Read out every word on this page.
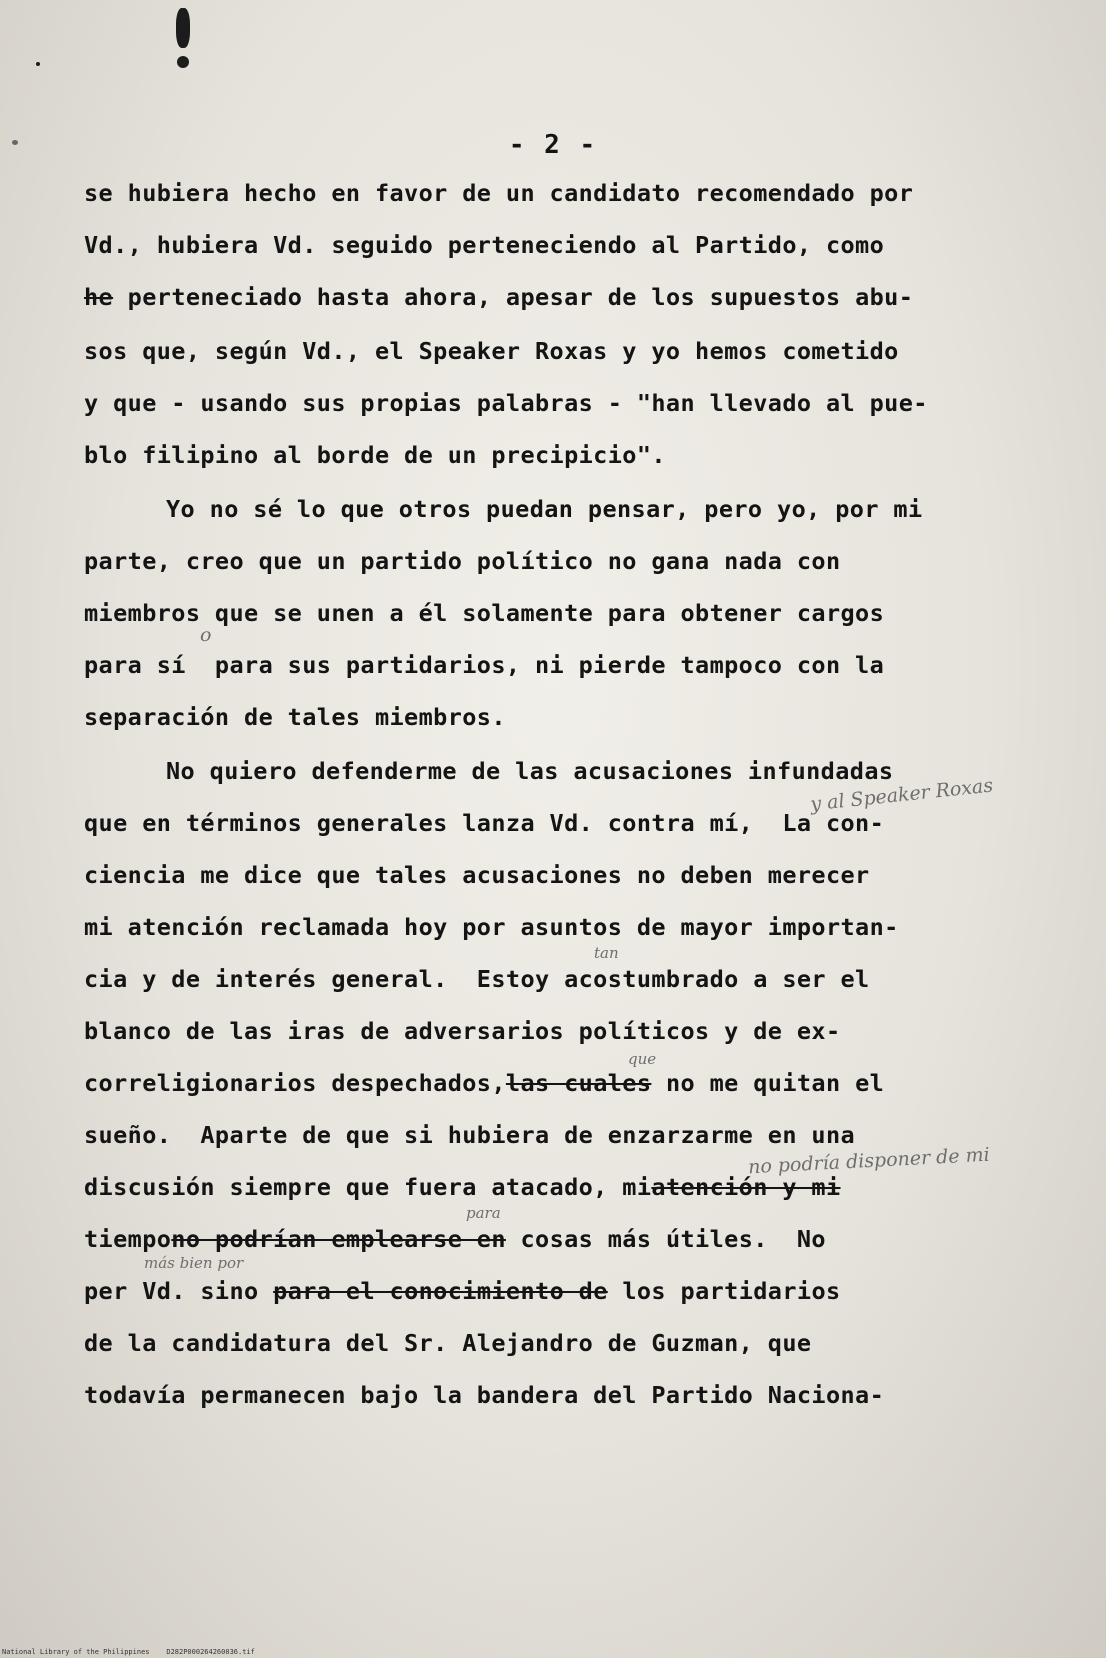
- 2 -
se hubiera hecho en favor de un candidato recomendado por
Vd., hubiera Vd. seguido perteneciendo al Partido, como
he perteneciado hasta ahora, apesar de los supuestos abu-
sos que, según Vd., el Speaker Roxas y yo hemos cometido
y que - usando sus propias palabras - "han llevado al pue-
blo filipino al borde de un precipicio".
Yo no sé lo que otros puedan pensar, pero yo, por mi
parte, creo que un partido político no gana nada con
miembros que se unen a él solamente para obtener cargos
para sí  para sus partidarios, ni pierde tampoco con la
o
separación de tales miembros.
No quiero defenderme de las acusaciones infundadas
y al Speaker Roxas
que en términos generales lanza Vd. contra mí,  La con-
ciencia me dice que tales acusaciones no deben merecer
mi atención reclamada hoy por asuntos de mayor importan-
tan
cia y de interés general.  Estoy acostumbrado a ser el
blanco de las iras de adversarios políticos y de ex-
que
correligionarios despechados,las cuales no me quitan el
sueño.  Aparte de que si hubiera de enzarzarme en una
no podría disponer de mi
discusión siempre que fuera atacado, miatención y mi
para
tiempono podrían emplearse en cosas más útiles.  No
más bien por
per Vd. sino para el conocimiento de los partidarios
de la candidatura del Sr. Alejandro de Guzman, que
todavía permanecen bajo la bandera del Partido Naciona-
National Library of the Philippines    D282P000264260036.tif
